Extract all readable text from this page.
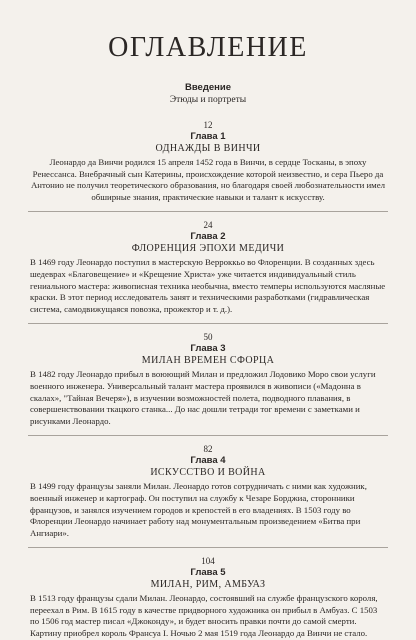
ОГЛАВЛЕНИЕ
Введение
Этюды и портреты
12
Глава 1
ОДНАЖДЫ В ВИНЧИ

Леонардо да Винчи родился 15 апреля 1452 года в Винчи, в сердце Тосканы, в эпоху Ренессанса. Внебрачный сын Катерины, происхождение которой неизвестно, и сера Пьеро да Антонио не получил теоретического образования, но благодаря своей любознательности имел обширные знания, практические навыки и талант к искусству.

24
Глава 2
ФЛОРЕНЦИЯ ЭПОХИ МЕДИЧИ

В 1469 году Леонардо поступил в мастерскую Верроккьо во Флоренции. В созданных здесь шедеврах «Благовещение» и «Крещение Христа» уже читается индивидуальный стиль гениального мастера: живописная техника необычна, вместо темперы используются масляные краски. В этот период исследователь занят и техническими разработками (гидравлическая система, самодвижущаяся повозка, прожектор и т. д.).

50
Глава 3
МИЛАН ВРЕМЕН СФОРЦА

В 1482 году Леонардо прибыл в воюющий Милан и предложил Лодовико Моро свои услуги военного инженера. Универсальный талант мастера проявился в живописи («Мадонна в скалах», "Тайная Вечеря»), в изучении возможностей полета, подводного плавания, в совершенствовании ткацкого станка... До нас дошли тетради тог времени с заметками и рисунками Леонардо.

82
Глава 4
ИСКУССТВО И ВОЙНА

В 1499 году французы заняли Милан. Леонардо готов сотрудничать с ними как художник, военный инженер и картограф. Он поступил на службу к Чезаре Борджиа, сторонники французов, и занялся изучением городов и крепостей в его владениях. В 1503 году во Флоренции Леонардо начинает работу над монументальным произведением «Битва при Ангиари».

104
Глава 5
МИЛАН, РИМ, АМБУАЗ

В 1513 году французы сдали Милан. Леонардо, состоявший на службе французского короля, переехал в Рим. В 1615 году в качестве придворного художника он прибыл в Амбуаз. С 1503 по 1506 год мастер писал «Джоконду», и будет вносить правки почти до самой смерти. Картину приобрел король Франсуа I. Ночью 2 мая 1519 года Леонардо да Винчи не стало.
